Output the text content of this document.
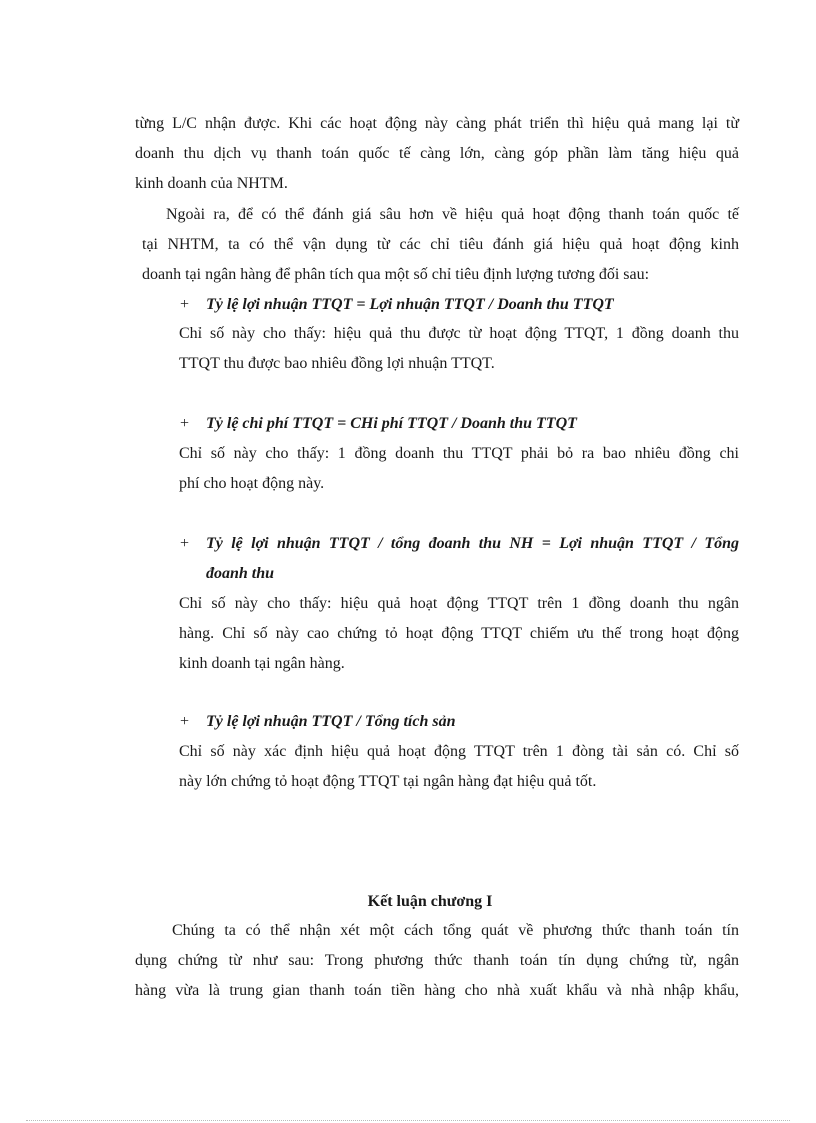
từng L/C nhận được. Khi các hoạt động này càng phát triển thì hiệu quả mang lại từ
doanh thu dịch vụ thanh toán quốc tế càng lớn, càng góp phần làm tăng hiệu quả
kinh doanh của NHTM.
Ngoài ra, để có thể đánh giá sâu hơn về hiệu quả hoạt động thanh toán quốc tế
tại NHTM, ta có thể vận dụng từ các chỉ tiêu đánh giá hiệu quả hoạt động kinh
doanh tại ngân hàng để phân tích qua một số chỉ tiêu định lượng tương đối sau:
+ Tỷ lệ lợi nhuận TTQT = Lợi nhuận TTQT / Doanh thu TTQT
Chỉ số này cho thấy: hiệu quả thu được từ hoạt động TTQT, 1 đồng doanh thu
TTQT thu được bao nhiêu đồng lợi nhuận TTQT.
+ Tỷ lệ chi phí TTQT = CHi phí TTQT / Doanh thu TTQT
Chỉ số này cho thấy: 1 đồng doanh thu TTQT phải bỏ ra bao nhiêu đồng chi
phí cho hoạt động này.
+ Tỷ lệ lợi nhuận TTQT / tổng đoanh thu NH = Lợi nhuận TTQT / Tổng
đoanh thu
Chỉ số này cho thấy: hiệu quả hoạt động TTQT trên 1 đồng doanh thu ngân
hàng. Chỉ số này cao chứng tỏ hoạt động TTQT chiếm ưu thế trong hoạt động
kinh doanh tại ngân hàng.
+ Tỷ lệ lợi nhuận TTQT / Tổng tích sản
Chỉ số này xác định hiệu quả hoạt động TTQT trên 1 đòng tài sản có. Chỉ số
này lớn chứng tỏ hoạt động TTQT tại ngân hàng đạt hiệu quả tốt.
Kết luận chương I
Chúng ta có thể nhận xét một cách tổng quát về phương thức thanh toán tín
dụng chứng từ như sau: Trong phương thức thanh toán tín dụng chứng từ, ngân
hàng vừa là trung gian thanh toán tiền hàng cho nhà xuất khẩu và nhà nhập khẩu,
